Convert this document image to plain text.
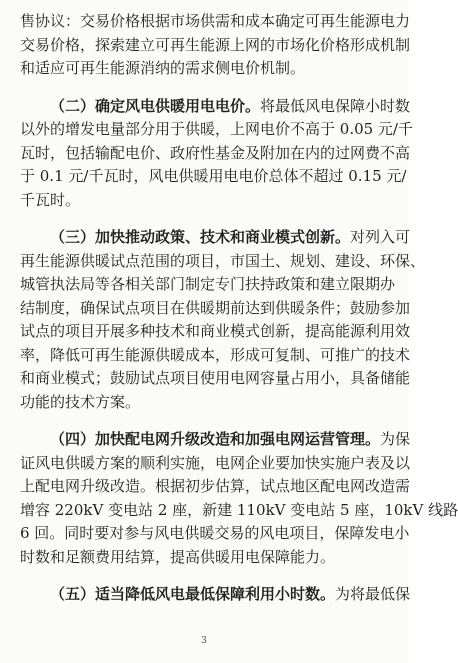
售协议：交易价格根据市场供需和成本确定可再生能源电力
交易价格，探索建立可再生能源上网的市场化价格形成机制
和适应可再生能源消纳的需求侧电价机制。
（二）确定风电供暖用电电价。将最低风电保障小时数
以外的增发电量部分用于供暖，上网电价不高于 0.05 元/千
瓦时，包括输配电价、政府性基金及附加在内的过网费不高
于 0.1 元/千瓦时，风电供暖用电电价总体不超过 0.15 元/
千瓦时。
（三）加快推动政策、技术和商业模式创新。对列入可
再生能源供暖试点范围的项目，市国土、规划、建设、环保、
城管执法局等各相关部门制定专门扶持政策和建立限期办
结制度，确保试点项目在供暖期前达到供暖条件；鼓励参加
试点的项目开展多种技术和商业模式创新，提高能源利用效
率，降低可再生能源供暖成本，形成可复制、可推广的技术
和商业模式；鼓励试点项目使用电网容量占用小，具备储能
功能的技术方案。
（四）加快配电网升级改造和加强电网运营管理。为保
证风电供暖方案的顺利实施，电网企业要加快实施户表及以
上配电网升级改造。根据初步估算，试点地区配电网改造需
增容 220kV 变电站 2 座，新建 110kV 变电站 5 座，10kV 线路
6 回。同时要对参与风电供暖交易的风电项目，保障发电小
时数和足额费用结算，提高供暖用电保障能力。
（五）适当降低风电最低保障利用小时数。为将最低保
3
